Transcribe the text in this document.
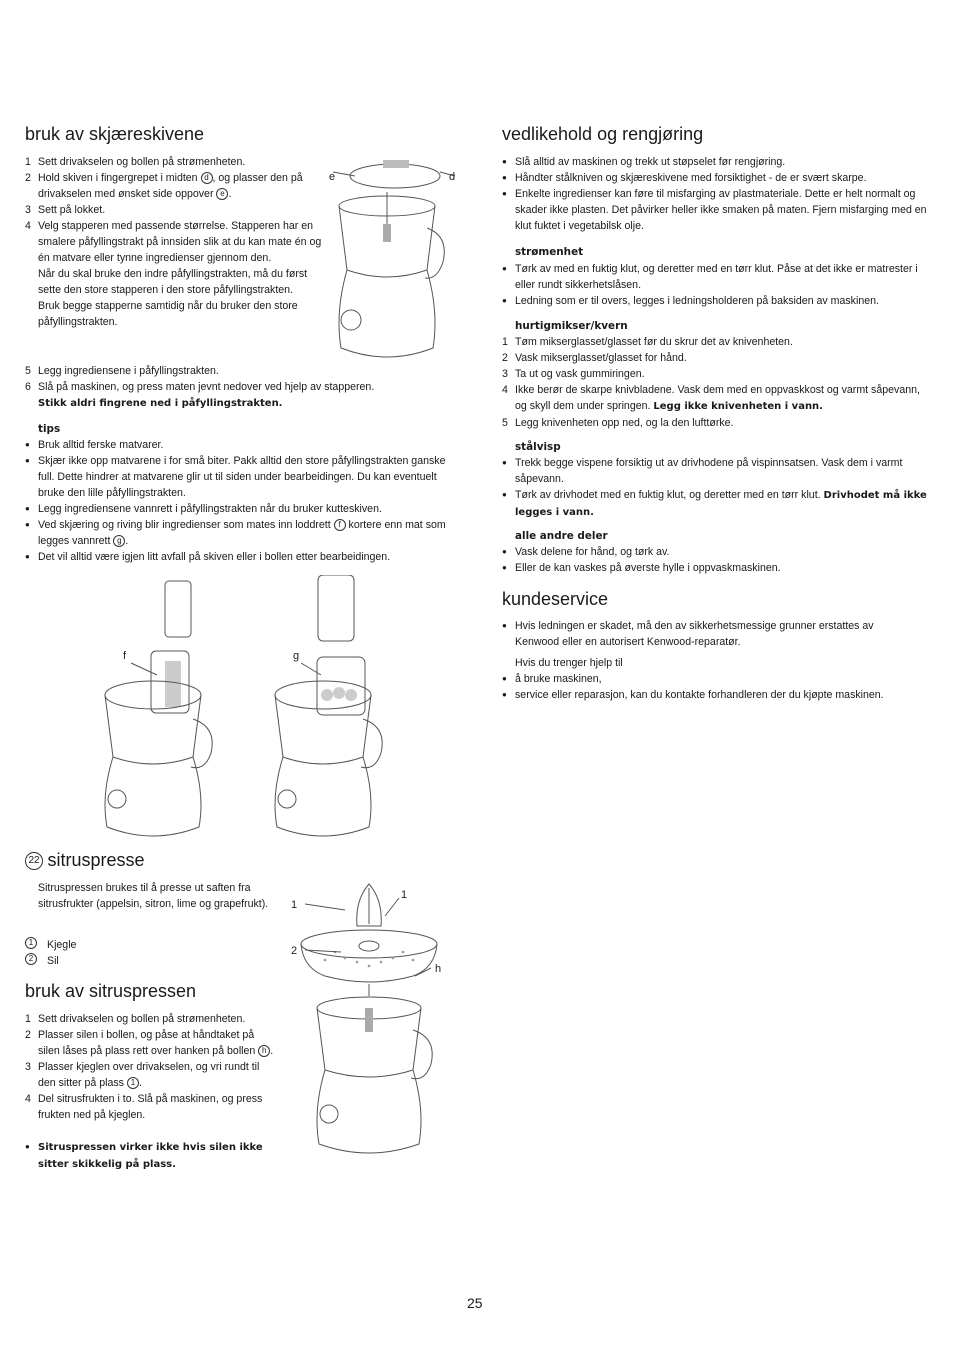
bruk av skjæreskivene
1 Sett drivakselen og bollen på strømenheten.
2 Hold skiven i fingergrepet i midten d , og plasser den på drivakselen med ønsket side oppover e .
3 Sett på lokket.
4 Velg stapperen med passende størrelse. Stapperen har en smalere påfyllingstrakt på innsiden slik at du kan mate én og én matvare eller tynne ingredienser gjennom den.
Når du skal bruke den indre påfyllingstrakten, må du først sette den store stapperen i den store påfyllingstrakten.
Bruk begge stapperne samtidig når du bruker den store påfyllingstrakten.
5 Legg ingrediensene i påfyllingstrakten.
6 Slå på maskinen, og press maten jevnt nedover ved hjelp av stapperen.
Stikk aldri fingrene ned i påfyllingstrakten.

tips

● Bruk alltid ferske matvarer.
● Skjær ikke opp matvarene i for små biter. Pakk alltid den store påfyllingstrakten ganske full. Dette hindrer at matvarene glir ut til siden under bearbeidingen. Du kan eventuelt bruke den lille påfyllingstrakten.
● Legg ingrediensene vannrett i påfyllingstrakten når du bruker kutteskiven.
● Ved skjæring og riving blir ingredienser som mates inn loddrett f kortere enn mat som legges vannrett g .
● Det vil alltid være igjen litt avfall på skiven eller i bollen etter bearbeidingen.
e	d
f	g
22 sitruspresse

Sitruspressen brukes til å presse ut saften fra sitrusfrukter (appelsin, sitron, lime og grapefrukt).

1	Kjegle
2	Sil
bruk av sitruspressen
1 Sett drivakselen og bollen på strømenheten.
2 Plasser silen i bollen, og påse at håndtaket på silen låses på plass rett over hanken på bollen h .
3 Plasser kjeglen over drivakselen, og vri rundt til den sitter på plass 1 .
4 Del sitrusfrukten i to. Slå på maskinen, og press frukten ned på kjeglen.
● Sitruspressen virker ikke hvis silen ikke sitter skikkelig på plass.
1
2
1
h
vedlikehold og rengjøring
● Slå alltid av maskinen og trekk ut støpselet før rengjøring.
● Håndter stålkniven og skjæreskivene med forsiktighet - de er svært skarpe.
● Enkelte ingredienser kan føre til misfarging av plastmateriale. Dette er helt normalt og skader ikke plasten. Det påvirker heller ikke smaken på maten. Fjern misfarging med en klut fuktet i vegetabilsk olje.

strømenhet

● Tørk av med en fuktig klut, og deretter med en tørr klut. Påse at det ikke er matrester i eller rundt sikkerhetslåsen.
● Ledning som er til overs, legges i ledningsholderen på baksiden av maskinen.

hurtigmikser/kvern

1 Tøm mikserglasset/glasset før du skrur det av knivenheten.
2 Vask mikserglasset/glasset for hånd.
3 Ta ut og vask gummiringen.
4 Ikke berør de skarpe knivbladene. Vask dem med en oppvaskkost og varmt såpevann, og skyll dem under springen. Legg ikke knivenheten i vann.
5 Legg knivenheten opp ned, og la den lufttørke.

stålvisp

● Trekk begge vispene forsiktig ut av drivhodene på vispinnsatsen. Vask dem i varmt såpevann.
● Tørk av drivhodet med en fuktig klut, og deretter med en tørr klut. Drivhodet må ikke legges i vann.

alle andre deler

● Vask delene for hånd, og tørk av.
● Eller de kan vaskes på øverste hylle i oppvaskmaskinen.
kundeservice
● Hvis ledningen er skadet, må den av sikkerhetsmessige grunner erstattes av Kenwood eller en autorisert Kenwood-reparatør.

Hvis du trenger hjelp til

● å bruke maskinen,
● service eller reparasjon, kan du kontakte forhandleren der du kjøpte maskinen.

25
